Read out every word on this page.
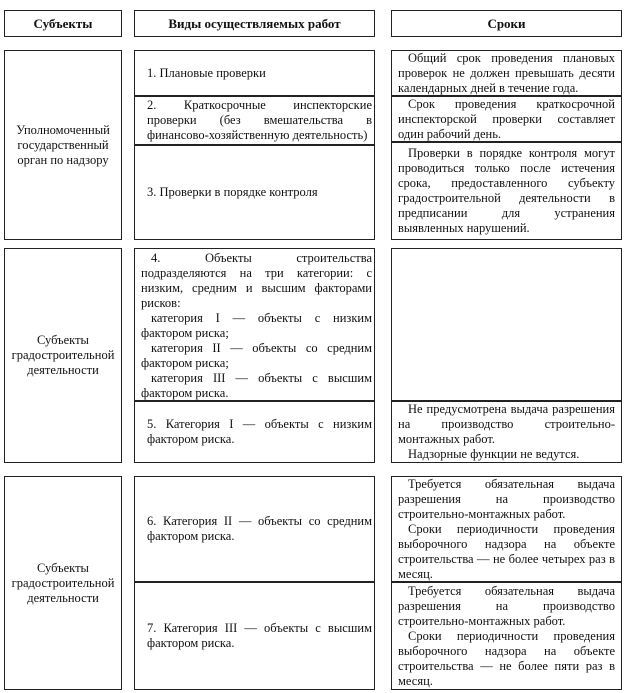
Субъекты	Виды осуществляемых работ	Сроки
Уполномоченный государственный орган по надзору
1. Плановые проверки
2. Краткосрочные инспекторские проверки (без вмешательства в финансово-хозяйственную деятельность)
3. Проверки в порядке контроля
Общий срок проведения плановых проверок не должен превышать десяти календарных дней в течение года.
Срок проведения краткосрочной инспекторской проверки составляет один рабочий день.
Проверки в порядке контроля могут проводиться только после истечения срока, предоставленного субъекту градостроительной деятельности в предписании для устранения выявленных нарушений.
Субъекты градостроительной деятельности

4. Объекты строительства подразделяются на три категории: с низким, средним и высшим факторами рисков:

категория I — объекты с низким фактором риска;

категория II — объекты со средним фактором риска;

категория III — объекты с высшим фактором риска.

5. Категория I — объекты с низким фактором риска.

Не предусмотрена выдача разрешения на производство строительно-монтажных работ.

Надзорные функции не ведутся.

Субъекты градостроительной деятельности
6. Категория II — объекты со средним фактором риска.
7. Категория III — объекты с высшим фактором риска.

Требуется обязательная выдача разрешения на производство строительно-монтажных работ.

Сроки периодичности проведения выборочного надзора на объекте строительства — не более четырех раз в месяц.

Требуется обязательная выдача разрешения на производство строительно-монтажных работ.

Сроки периодичности проведения выборочного надзора на объекте строительства — не более пяти раз в месяц.
